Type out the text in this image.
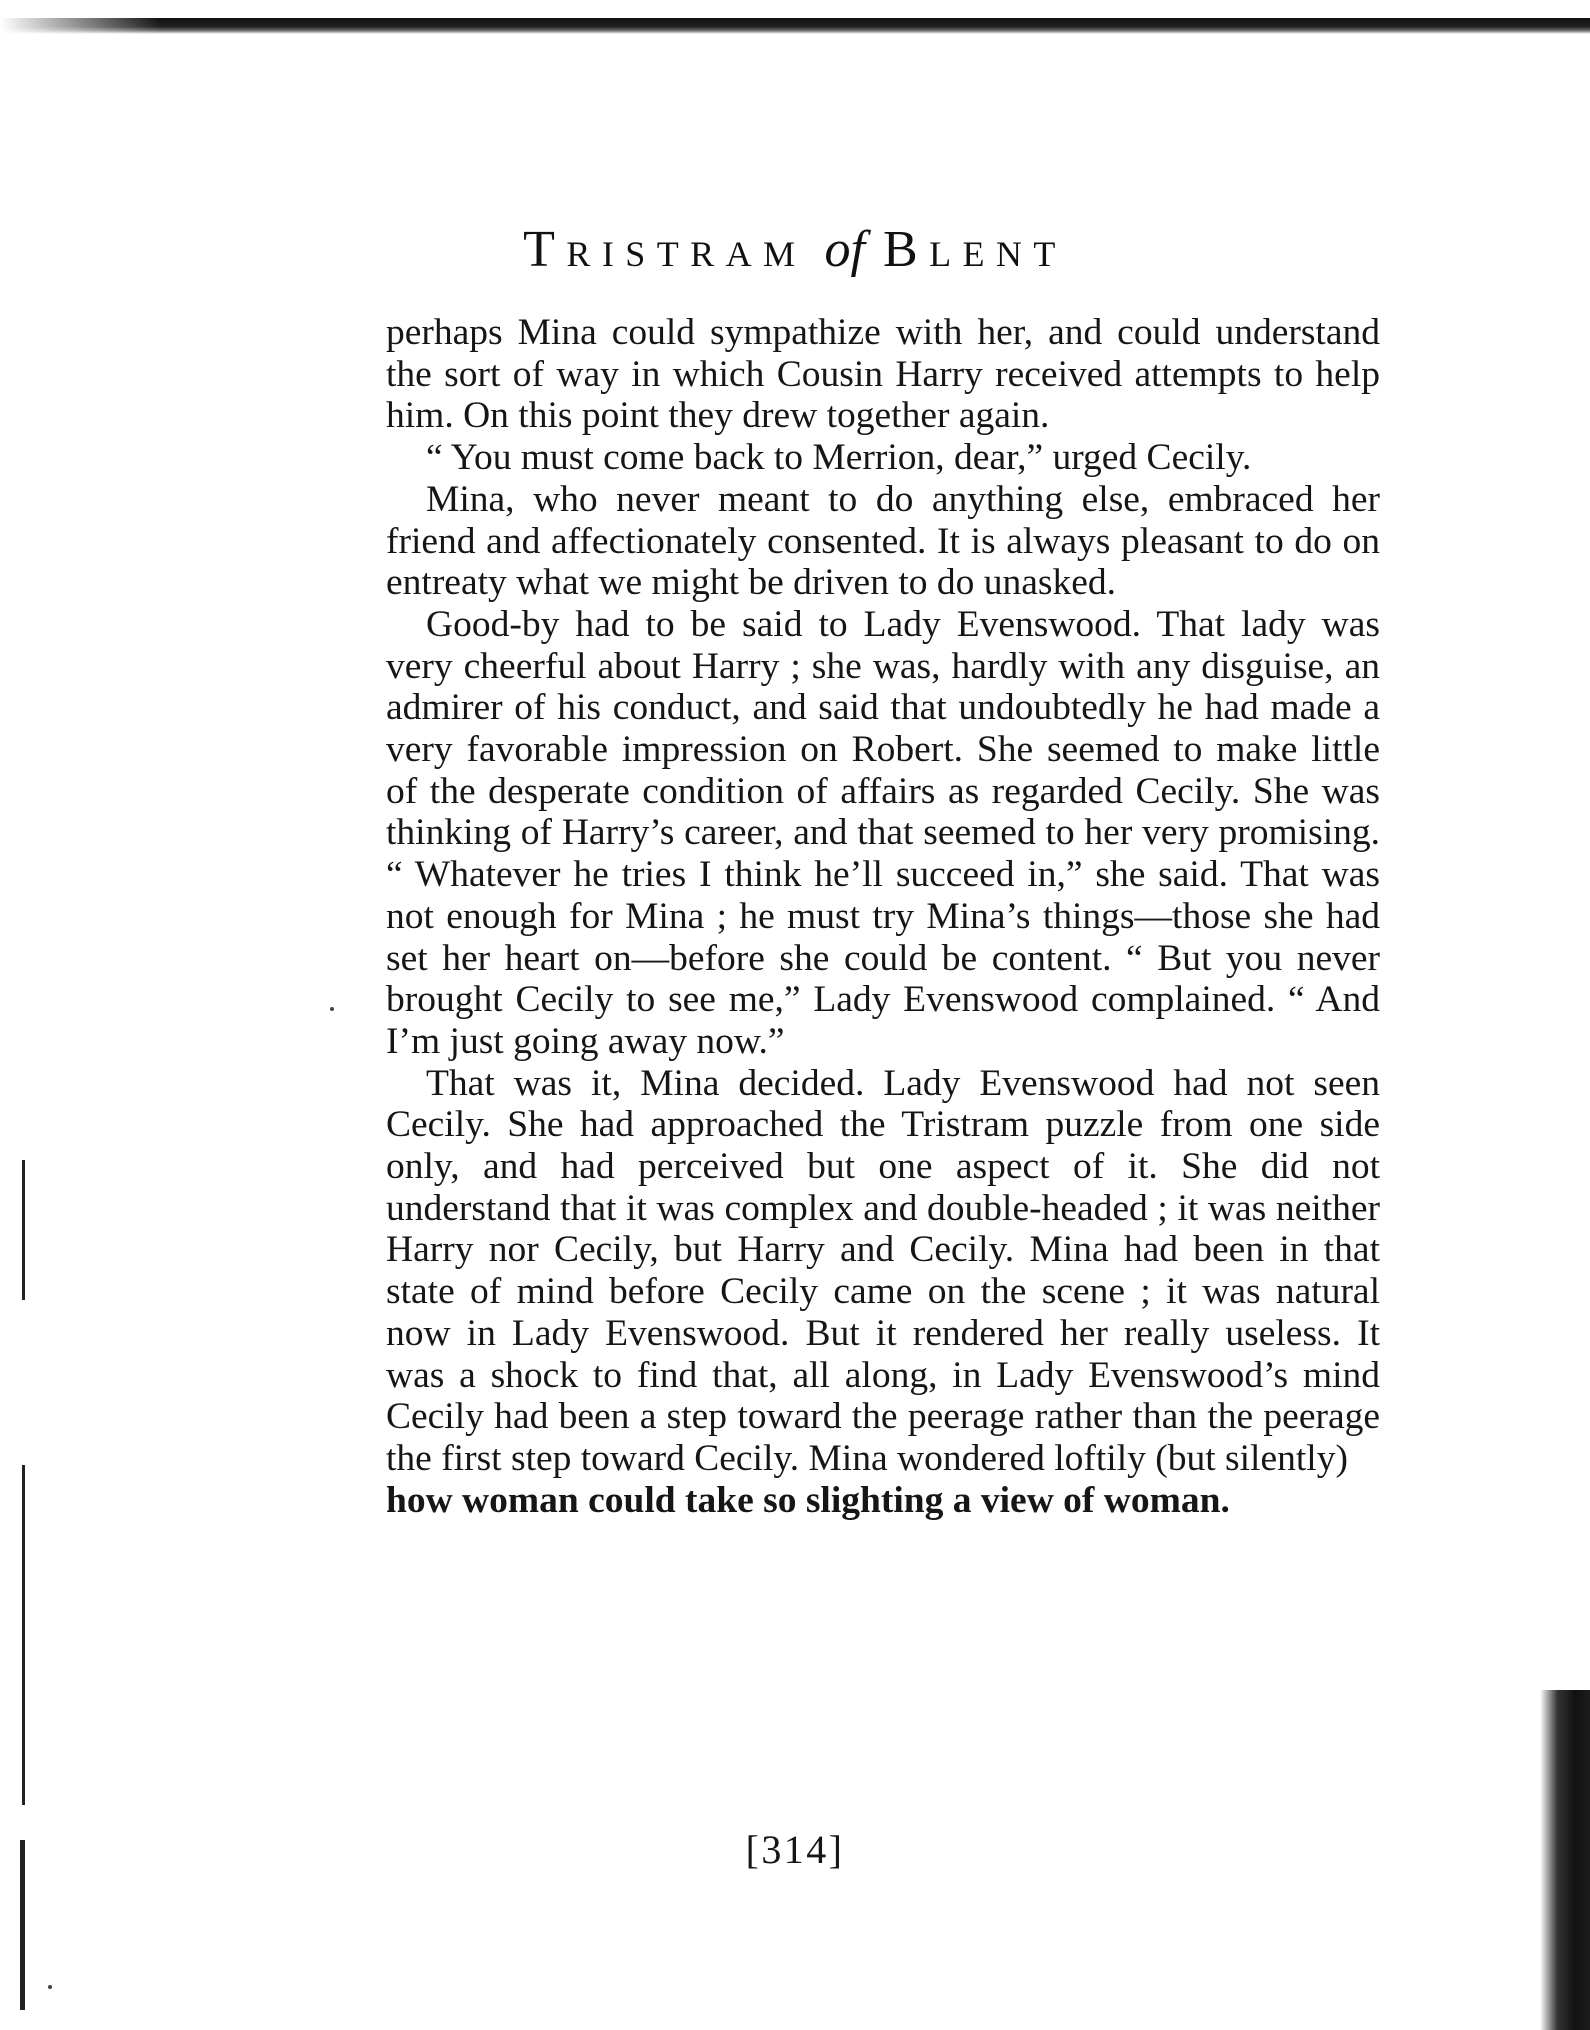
Tristram of Blent

perhaps Mina could sympathize with her, and could understand the sort of way in which Cousin Harry received attempts to help him. On this point they drew together again.

“ You must come back to Merrion, dear,” urged Cecily.

Mina, who never meant to do anything else, embraced her friend and affectionately consented. It is always pleasant to do on entreaty what we might be driven to do unasked.

Good-by had to be said to Lady Evenswood. That lady was very cheerful about Harry ; she was, hardly with any disguise, an admirer of his conduct, and said that undoubtedly he had made a very favorable impression on Robert. She seemed to make little of the desperate condition of affairs as regarded Cecily. She was thinking of Harry’s career, and that seemed to her very promising. “ Whatever he tries I think he’ll succeed in,” she said. That was not enough for Mina ; he must try Mina’s things—those she had set her heart on—before she could be content. “ But you never brought Cecily to see me,” Lady Evenswood complained. “ And I’m just going away now.”

That was it, Mina decided. Lady Evenswood had not seen Cecily. She had approached the Tristram puzzle from one side only, and had perceived but one aspect of it. She did not understand that it was complex and double-headed ; it was neither Harry nor Cecily, but Harry and Cecily. Mina had been in that state of mind before Cecily came on the scene ; it was natural now in Lady Evenswood. But it rendered her really useless. It was a shock to find that, all along, in Lady Evenswood’s mind Cecily had been a step toward the peerage rather than the peerage the first step toward Cecily. Mina wondered loftily (but silently)

how woman could take so slighting a view of woman.

[314]
